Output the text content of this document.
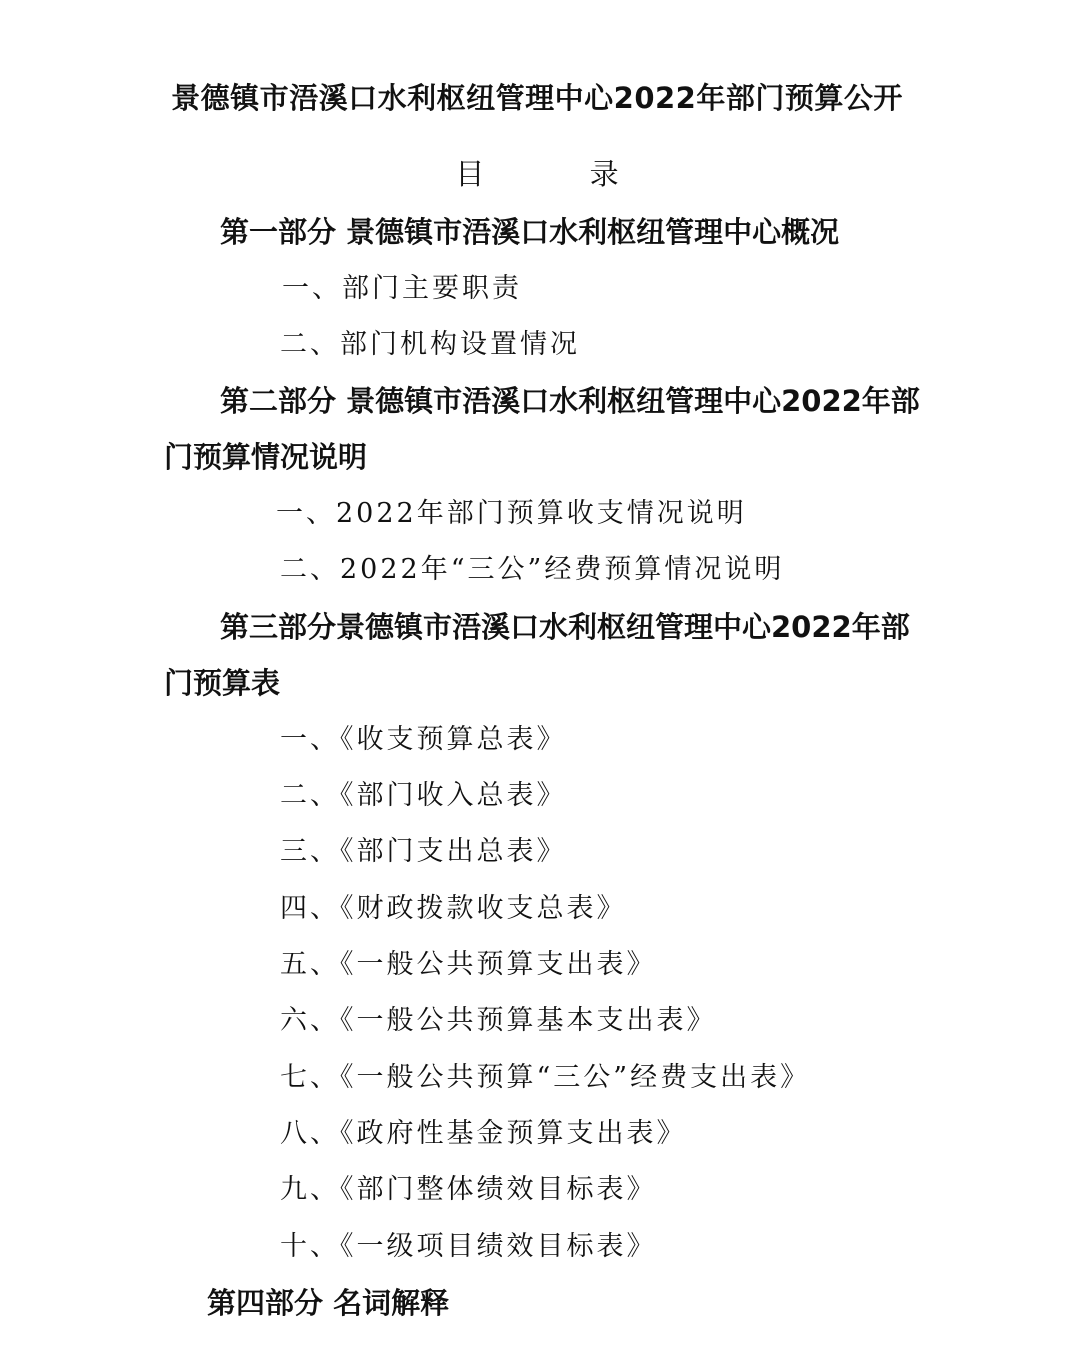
景德镇市浯溪口水利枢纽管理中心2022年部门预算公开
目 录
第一部分 景德镇市浯溪口水利枢纽管理中心概况
一、部门主要职责
二、部门机构设置情况
第二部分 景德镇市浯溪口水利枢纽管理中心2022年部
门预算情况说明
一、2022年部门预算收支情况说明
二、2022年“三公”经费预算情况说明
第三部分景德镇市浯溪口水利枢纽管理中心2022年部
门预算表
一、《收支预算总表》
二、《部门收入总表》
三、《部门支出总表》
四、《财政拨款收支总表》
五、《一般公共预算支出表》
六、《一般公共预算基本支出表》
七、《一般公共预算“三公”经费支出表》
八、《政府性基金预算支出表》
九、《部门整体绩效目标表》
十、《一级项目绩效目标表》
第四部分 名词解释
